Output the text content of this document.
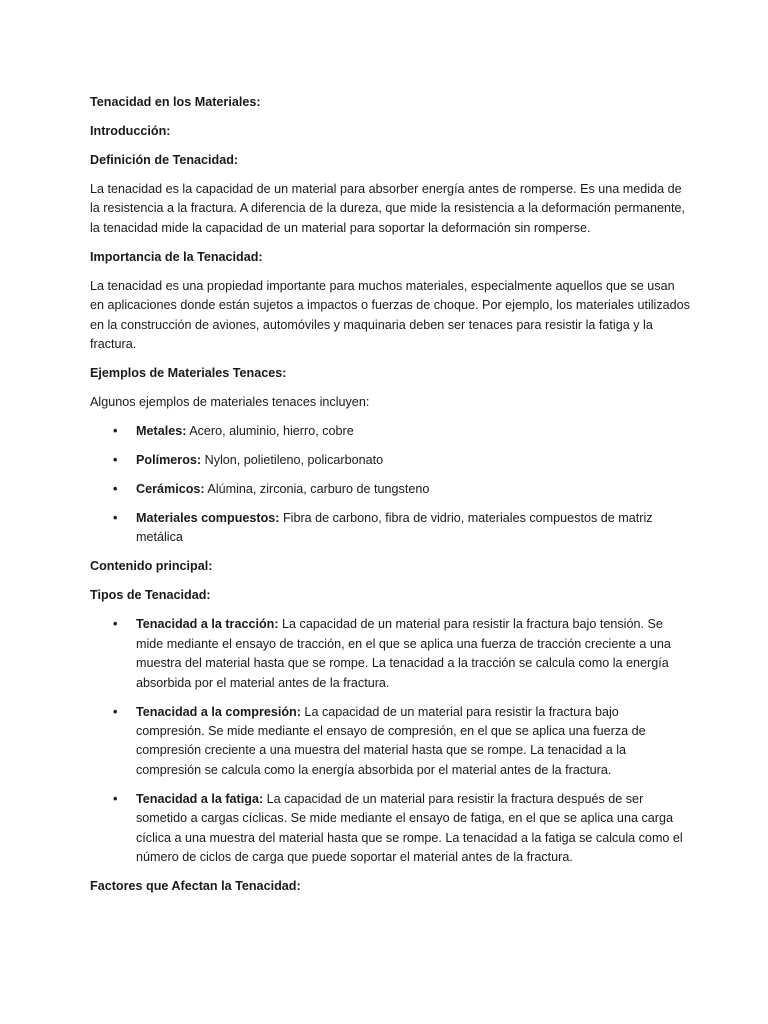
Tenacidad en los Materiales:

Introducción:

Definición de Tenacidad:

La tenacidad es la capacidad de un material para absorber energía antes de romperse. Es una medida de la resistencia a la fractura. A diferencia de la dureza, que mide la resistencia a la deformación permanente, la tenacidad mide la capacidad de un material para soportar la deformación sin romperse.

Importancia de la Tenacidad:

La tenacidad es una propiedad importante para muchos materiales, especialmente aquellos que se usan en aplicaciones donde están sujetos a impactos o fuerzas de choque. Por ejemplo, los materiales utilizados en la construcción de aviones, automóviles y maquinaria deben ser tenaces para resistir la fatiga y la fractura.

Ejemplos de Materiales Tenaces:

Algunos ejemplos de materiales tenaces incluyen:

• Metales: Acero, aluminio, hierro, cobre
• Polímeros: Nylon, polietileno, policarbonato
• Cerámicos: Alúmina, zirconia, carburo de tungsteno
• Materiales compuestos: Fibra de carbono, fibra de vidrio, materiales compuestos de matriz metálica

Contenido principal:

Tipos de Tenacidad:

• Tenacidad a la tracción: La capacidad de un material para resistir la fractura bajo tensión. Se mide mediante el ensayo de tracción, en el que se aplica una fuerza de tracción creciente a una muestra del material hasta que se rompe. La tenacidad a la tracción se calcula como la energía absorbida por el material antes de la fractura.
• Tenacidad a la compresión: La capacidad de un material para resistir la fractura bajo compresión. Se mide mediante el ensayo de compresión, en el que se aplica una fuerza de compresión creciente a una muestra del material hasta que se rompe. La tenacidad a la compresión se calcula como la energía absorbida por el material antes de la fractura.
• Tenacidad a la fatiga: La capacidad de un material para resistir la fractura después de ser sometido a cargas cíclicas. Se mide mediante el ensayo de fatiga, en el que se aplica una carga cíclica a una muestra del material hasta que se rompe. La tenacidad a la fatiga se calcula como el número de ciclos de carga que puede soportar el material antes de la fractura.

Factores que Afectan la Tenacidad:
